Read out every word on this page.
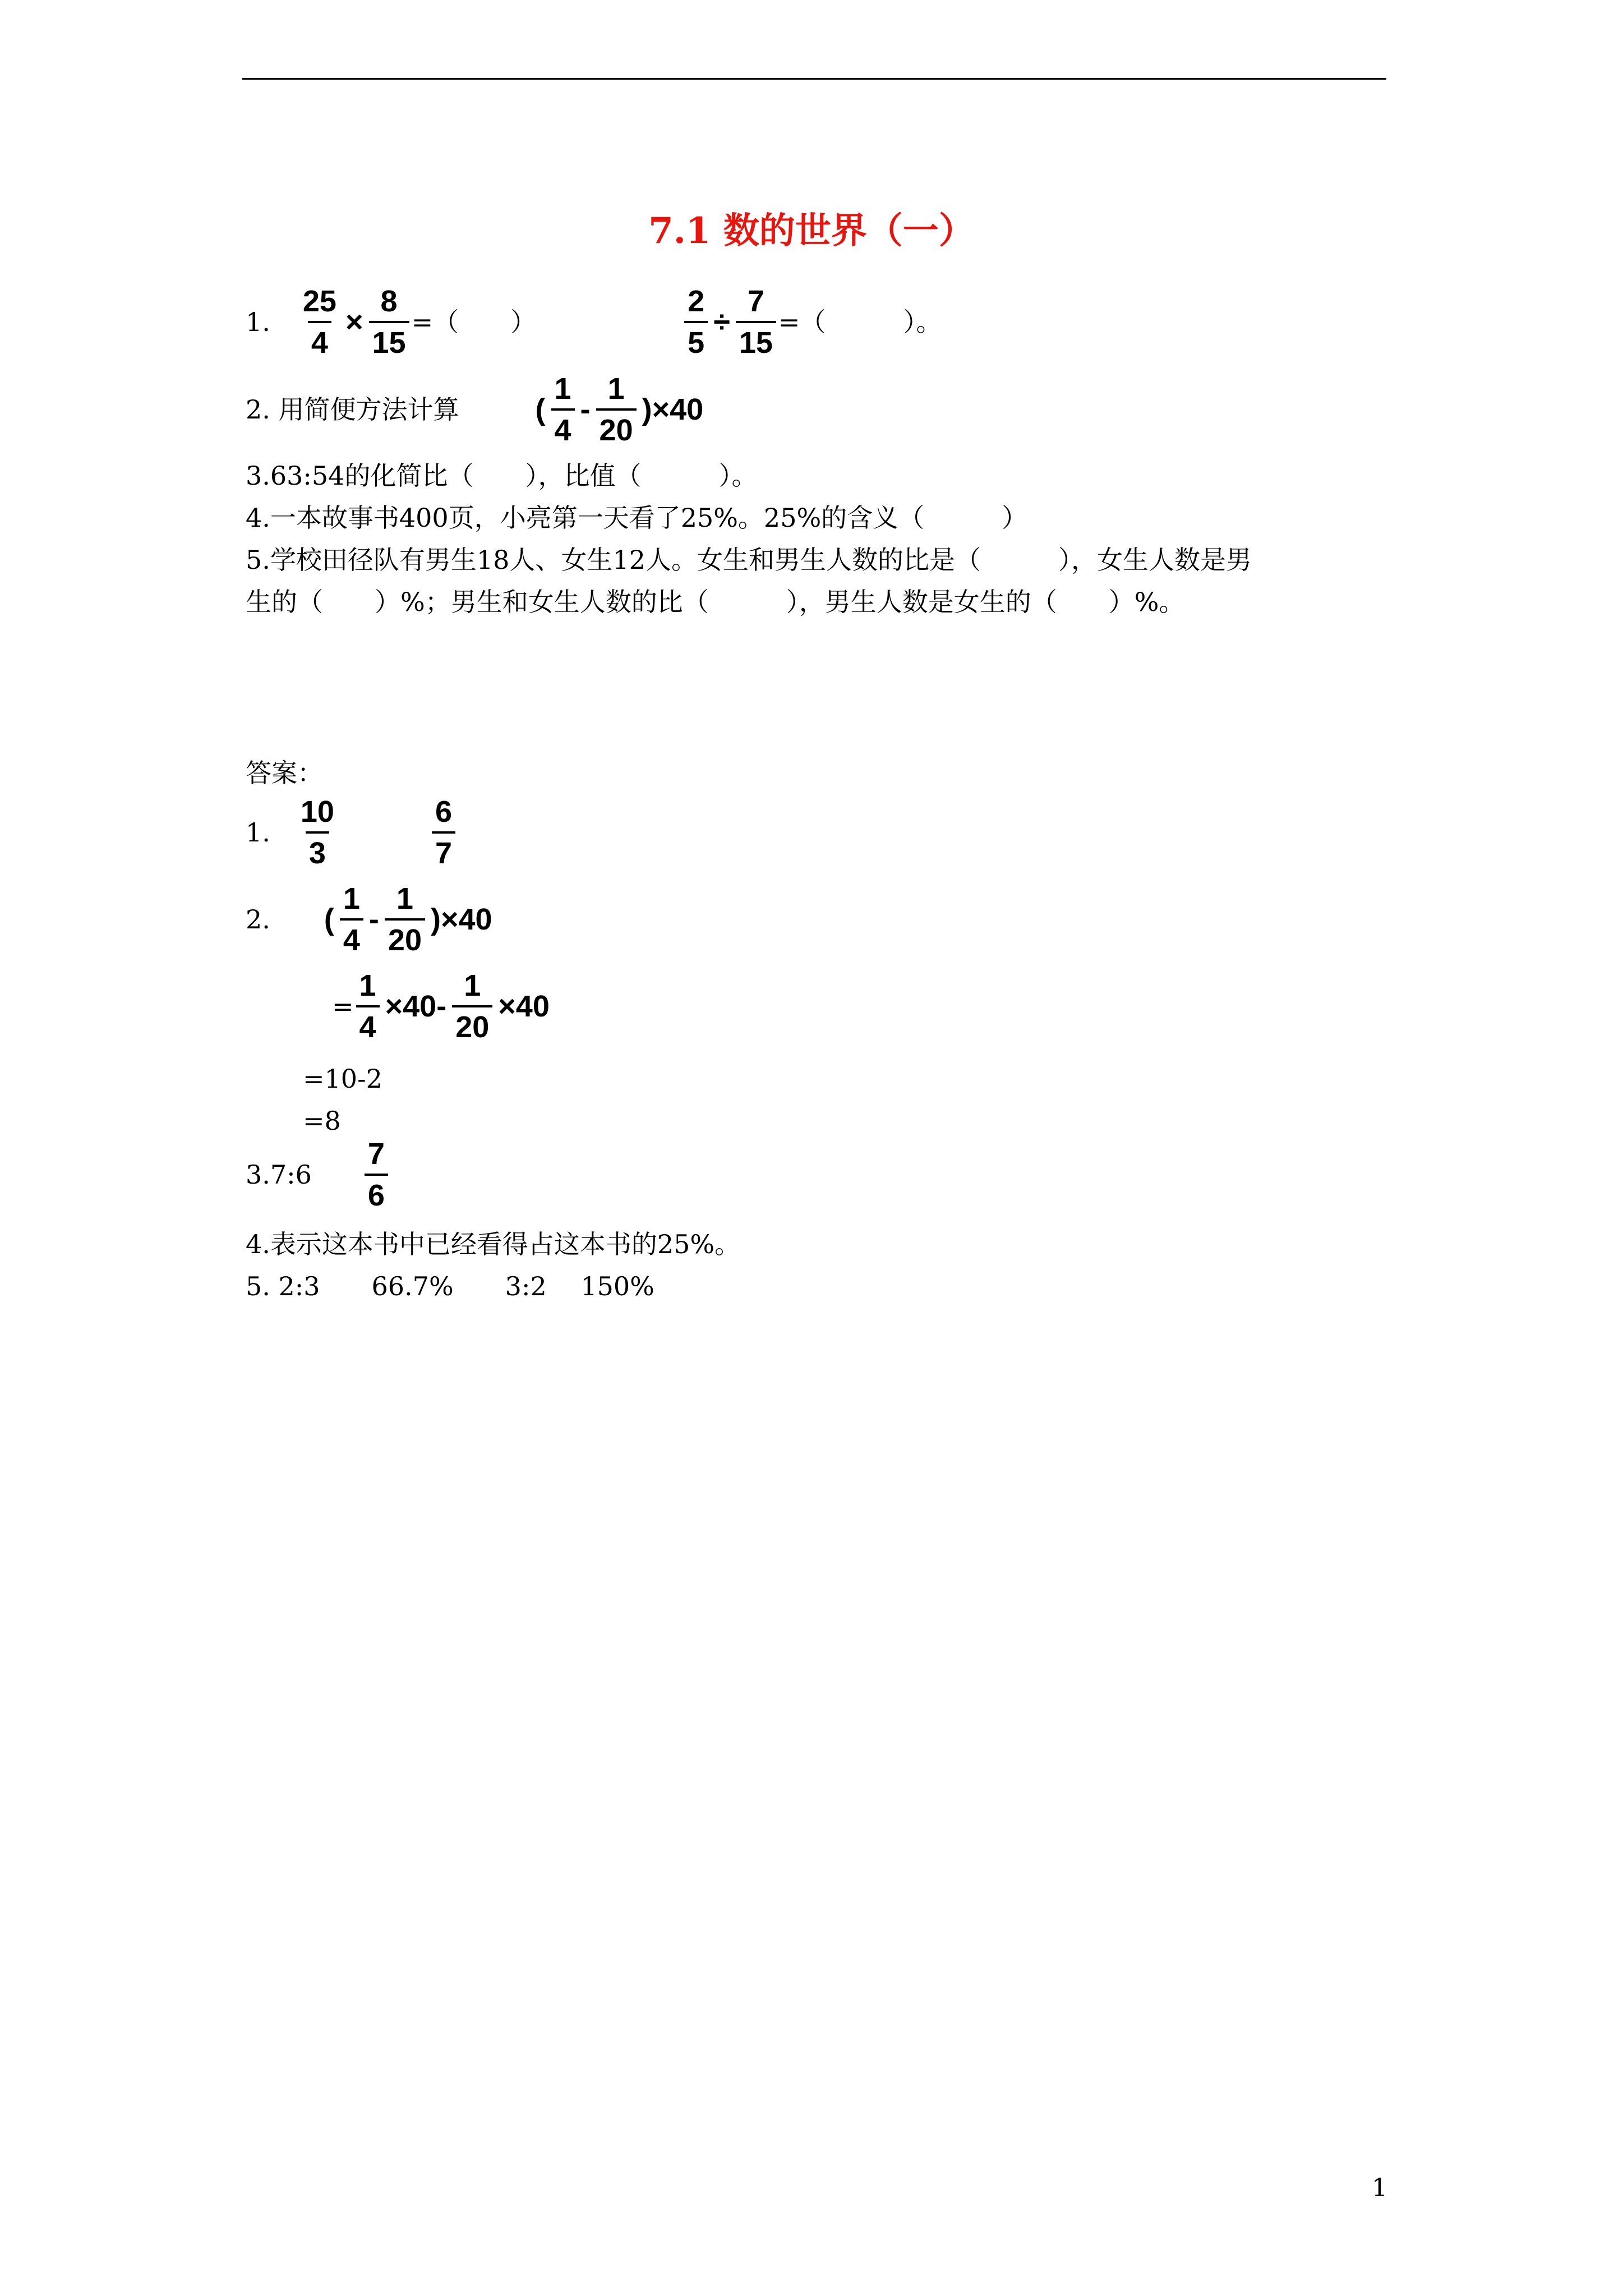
7.1 数的世界（一）
1. $\frac{25}{4} \times \frac{8}{15}$ =（　　）	$\frac{2}{5} \div \frac{7}{15}$ =（　　　）。
2. 用简便方法计算	( $\frac{1}{4} - \frac{1}{20} )\times 40$
3.63:54的化简比（　　），比值（　　　）。
4.一本故事书400页，小亮第一天看了25%。25%的含义（　　　）
5.学校田径队有男生18人、女生12人。女生和男生人数的比是（　　　），女生人数是男
生的（　　）%；男生和女生人数的比（　　　），男生人数是女生的（　　）%。
答案：
1. $\frac{10}{3}$	$\frac{6}{7}$
2. ( $\frac{1}{4} - \frac{1}{20} )\times 40$
= $\frac{1}{4} \times 40- \frac{1}{20} \times 40$
=10-2
=8
3.7:6 $\frac{7}{6}$
4.表示这本书中已经看得占这本书的25%。
5. 2:3　　66.7%　　3:2　 150%
1
